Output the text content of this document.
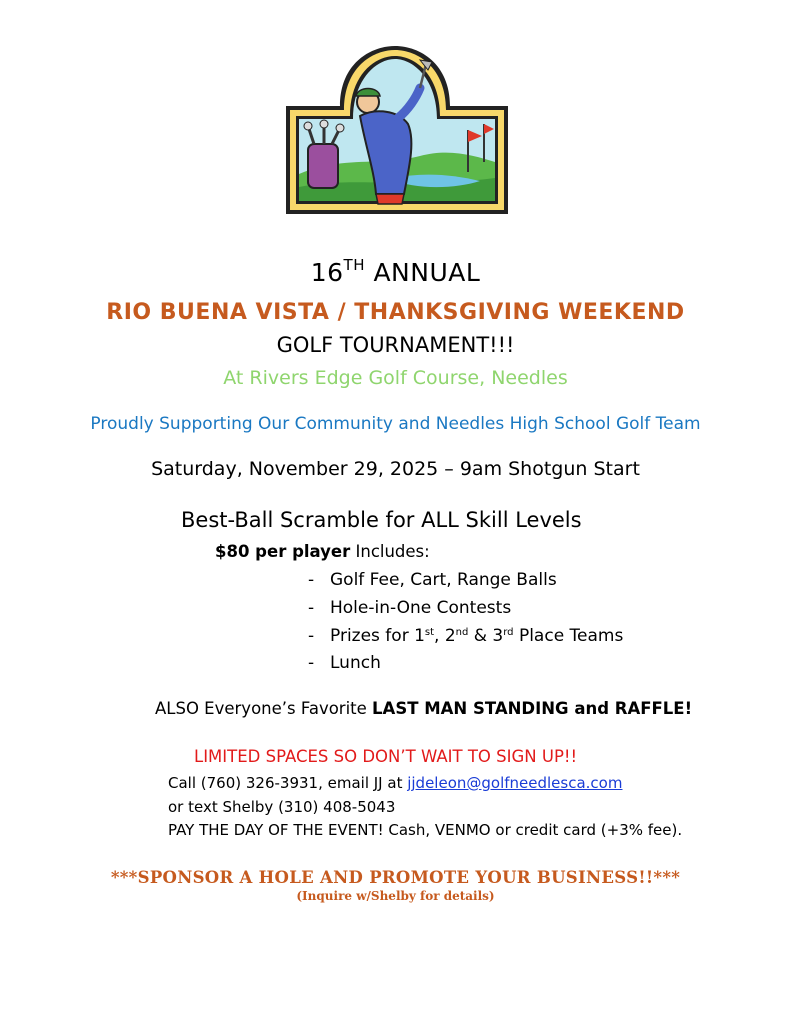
16TH ANNUAL
RIO BUENA VISTA / THANKSGIVING WEEKEND
GOLF TOURNAMENT!!!
At Rivers Edge Golf Course, Needles
Proudly Supporting Our Community and Needles High School Golf Team
Saturday, November 29, 2025 – 9am Shotgun Start
Best-Ball Scramble for ALL Skill Levels
$80 per player Includes:
- Golf Fee, Cart, Range Balls
- Hole-in-One Contests
- Prizes for 1st, 2nd & 3rd Place Teams
- Lunch
ALSO Everyone’s Favorite LAST MAN STANDING and RAFFLE!
LIMITED SPACES SO DON’T WAIT TO SIGN UP!!
Call (760) 326-3931, email JJ at jjdeleon@golfneedlesca.com
or text Shelby (310) 408-5043
PAY THE DAY OF THE EVENT! Cash, VENMO or credit card (+3% fee).
***SPONSOR A HOLE AND PROMOTE YOUR BUSINESS!!***
(Inquire w/Shelby for details)
